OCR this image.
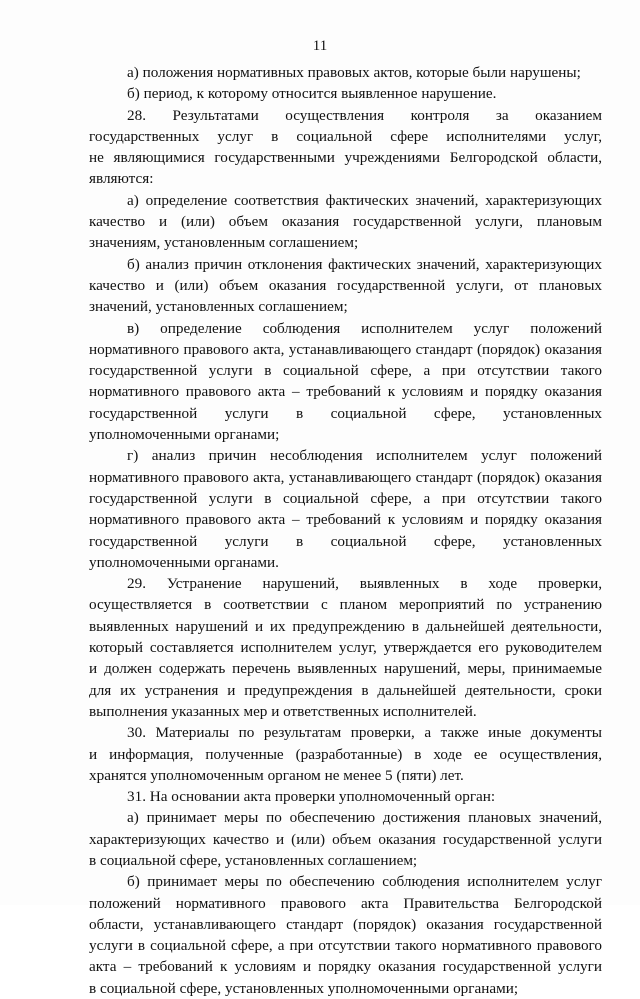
11
а) положения нормативных правовых актов, которые были нарушены;
б) период, к которому относится выявленное нарушение.
28. Результатами осуществления контроля за оказанием
государственных услуг в социальной сфере исполнителями услуг,
не являющимися государственными учреждениями Белгородской области,
являются:
а) определение соответствия фактических значений, характеризующих
качество и (или) объем оказания государственной услуги, плановым
значениям, установленным соглашением;
б) анализ причин отклонения фактических значений, характеризующих
качество и (или) объем оказания государственной услуги, от плановых
значений, установленных соглашением;
в) определение соблюдения исполнителем услуг положений
нормативного правового акта, устанавливающего стандарт (порядок) оказания
государственной услуги в социальной сфере, а при отсутствии такого
нормативного правового акта – требований к условиям и порядку оказания
государственной услуги в социальной сфере, установленных
уполномоченными органами;
г) анализ причин несоблюдения исполнителем услуг положений
нормативного правового акта, устанавливающего стандарт (порядок) оказания
государственной услуги в социальной сфере, а при отсутствии такого
нормативного правового акта – требований к условиям и порядку оказания
государственной услуги в социальной сфере, установленных
уполномоченными органами.
29. Устранение нарушений, выявленных в ходе проверки,
осуществляется в соответствии с планом мероприятий по устранению
выявленных нарушений и их предупреждению в дальнейшей деятельности,
который составляется исполнителем услуг, утверждается его руководителем
и должен содержать перечень выявленных нарушений, меры, принимаемые
для их устранения и предупреждения в дальнейшей деятельности, сроки
выполнения указанных мер и ответственных исполнителей.
30. Материалы по результатам проверки, а также иные документы
и информация, полученные (разработанные) в ходе ее осуществления,
хранятся уполномоченным органом не менее 5 (пяти) лет.
31. На основании акта проверки уполномоченный орган:
а) принимает меры по обеспечению достижения плановых значений,
характеризующих качество и (или) объем оказания государственной услуги
в социальной сфере, установленных соглашением;
б) принимает меры по обеспечению соблюдения исполнителем услуг
положений нормативного правового акта Правительства Белгородской
области, устанавливающего стандарт (порядок) оказания государственной
услуги в социальной сфере, а при отсутствии такого нормативного правового
акта – требований к условиям и порядку оказания государственной услуги
в социальной сфере, установленных уполномоченными органами;
